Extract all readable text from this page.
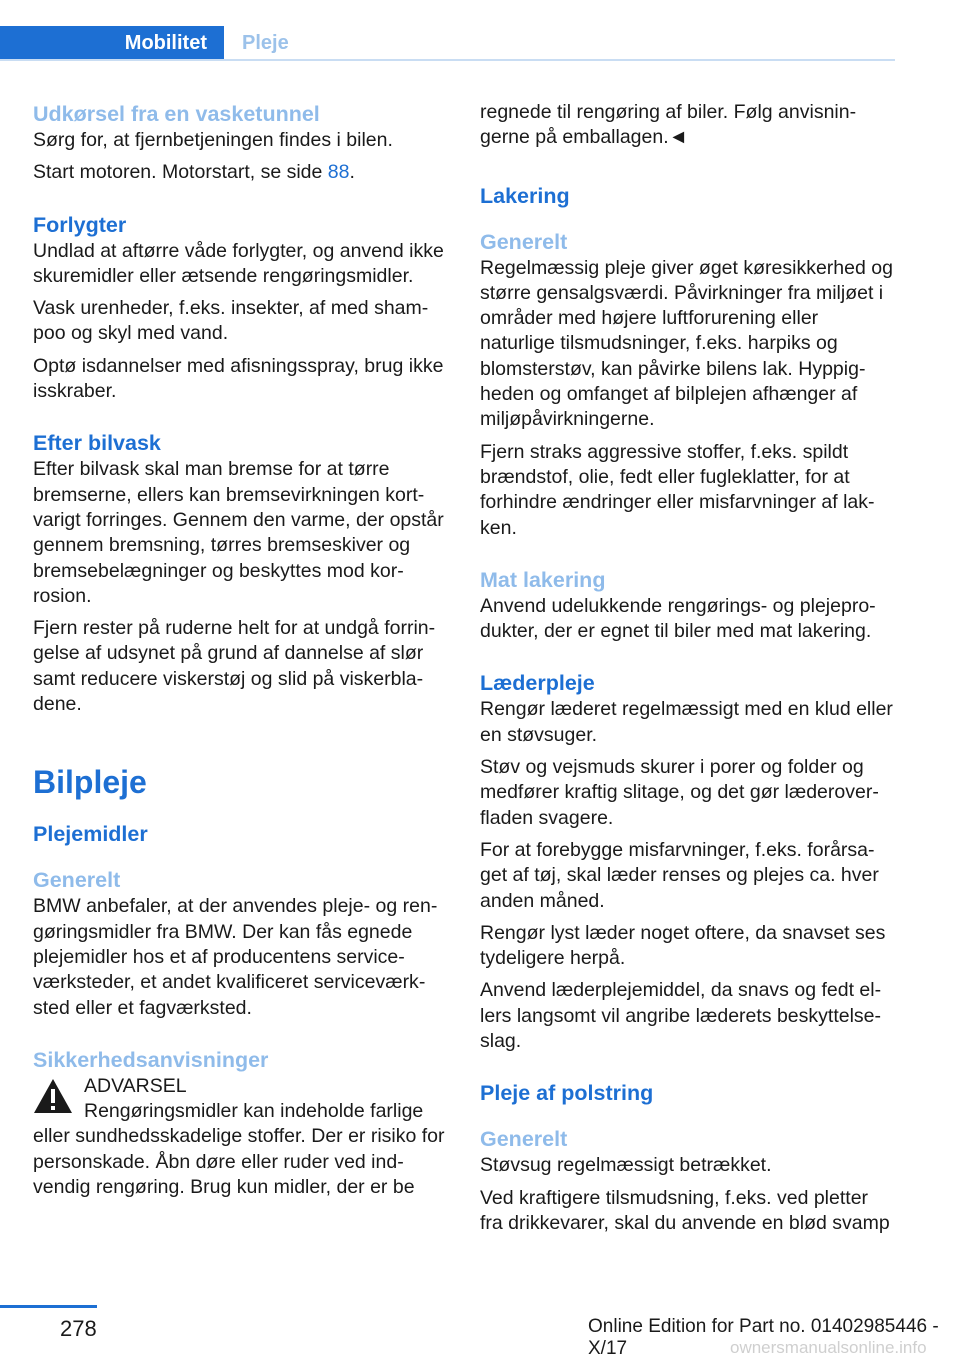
Mobilitet Pleje
Udkørsel fra en vasketunnel

Sørg for, at fjernbetjeningen findes i bilen.

Start motoren. Motorstart, se side 88.

Forlygter

Undlad at aftørre våde forlygter, og anvend ikke skuremidler eller ætsende rengøringsmidler.

Vask urenheder, f.eks. insekter, af med shampoo og skyl med vand.

Optø isdannelser med afisningsspray, brug ikke isskraber.

Efter bilvask

Efter bilvask skal man bremse for at tørre bremserne, ellers kan bremsevirkningen kortvarigt forringes. Gennem den varme, der opstår gennem bremsning, tørres bremseskiver og bremsebelægninger og beskyttes mod korrosion.

Fjern rester på ruderne helt for at undgå forringelse af udsynet på grund af dannelse af slør samt reducere viskerstøj og slid på viskerbladene.

Bilpleje
Plejemidler
Generelt

BMW anbefaler, at der anvendes pleje- og rengøringsmidler fra BMW. Der kan fås egnede plejemidler hos et af producentens serviceværksteder, et andet kvalificeret serviceværksted eller et fagværksted.

Sikkerhedsanvisninger
ADVARSEL

Rengøringsmidler kan indeholde farlige eller sundhedsskadelige stoffer. Der er risiko for personskade. Åbn døre eller ruder ved indvendig rengøring. Brug kun midler, der er be

regnede til rengøring af biler. Følg anvisningerne på emballagen.◄

Lakering
Generelt

Regelmæssig pleje giver øget køresikkerhed og større gensalgsværdi. Påvirkninger fra miljøet i områder med højere luftforurening eller naturlige tilsmudsninger, f.eks. harpiks og blomsterstøv, kan påvirke bilens lak. Hyppigheden og omfanget af bilplejen afhænger af miljøpåvirkningerne.

Fjern straks aggressive stoffer, f.eks. spildt brændstof, olie, fedt eller fugleklatter, for at forhindre ændringer eller misfarvninger af lakken.

Mat lakering

Anvend udelukkende rengørings- og plejeprodukter, der er egnet til biler med mat lakering.

Læderpleje

Rengør læderet regelmæssigt med en klud eller en støvsuger.

Støv og vejsmuds skurer i porer og folder og medfører kraftig slitage, og det gør læderoverfladen svagere.

For at forebygge misfarvninger, f.eks. forårsaget af tøj, skal læder renses og plejes ca. hver anden måned.

Rengør lyst læder noget oftere, da snavset ses tydeligere herpå.

Anvend læderplejemiddel, da snavs og fedt ellers langsomt vil angribe læderets beskyttelseslag.

Pleje af polstring
Generelt

Støvsug regelmæssigt betrækket.

Ved kraftigere tilsmudsning, f.eks. ved pletter fra drikkevarer, skal du anvende en blød svamp

278	Online Edition for Part no. 01402985446 - X/17	ownersmanualsonline.info
